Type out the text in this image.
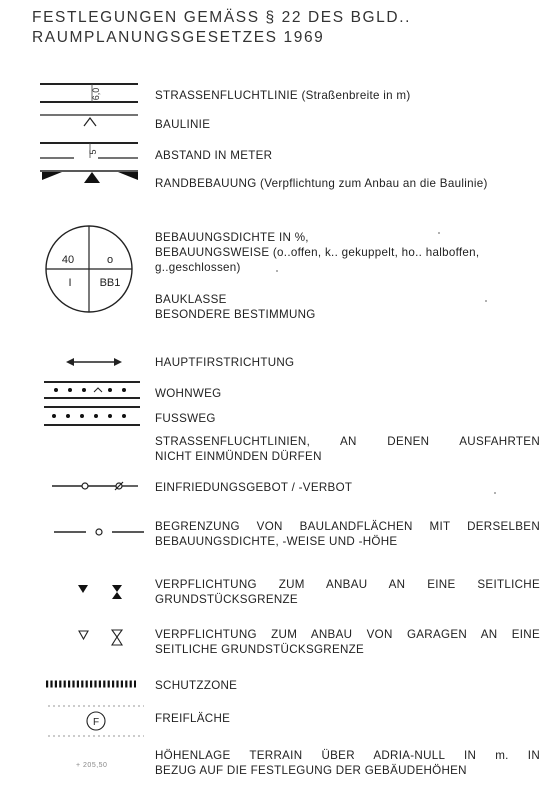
FESTLEGUNGEN GEMÄSS § 22 DES BGLD..
RAUMPLANUNGSGESETZES 1969
6,0
5
40	o
I	BB1
F
+ 205,50
STRASSENFLUCHTLINIE (Straßenbreite in m)
BAULINIE
ABSTAND IN METER
RANDBEBAUUNG (Verpflichtung zum Anbau an die Baulinie)
BEBAUUNGSDICHTE IN %,
BEBAUUNGSWEISE (o..offen, k.. gekuppelt, ho.. halboffen,
g..geschlossen)
BAUKLASSE
BESONDERE BESTIMMUNG
HAUPTFIRSTRICHTUNG
WOHNWEG
FUSSWEG
STRASSENFLUCHTLINIEN, AN DENEN AUSFAHRTEN
NICHT EINMÜNDEN DÜRFEN
EINFRIEDUNGSGEBOT / -VERBOT
BEGRENZUNG VON BAULANDFLÄCHEN MIT DERSELBEN
BEBAUUNGSDICHTE, -WEISE UND -HÖHE
VERPFLICHTUNG ZUM ANBAU AN EINE SEITLICHE
GRUNDSTÜCKSGRENZE
VERPFLICHTUNG ZUM ANBAU VON GARAGEN AN EINE
SEITLICHE GRUNDSTÜCKSGRENZE
SCHUTZZONE
FREIFLÄCHE
HÖHENLAGE TERRAIN ÜBER ADRIA-NULL IN m. IN
BEZUG AUF DIE FESTLEGUNG DER GEBÄUDEHÖHEN
